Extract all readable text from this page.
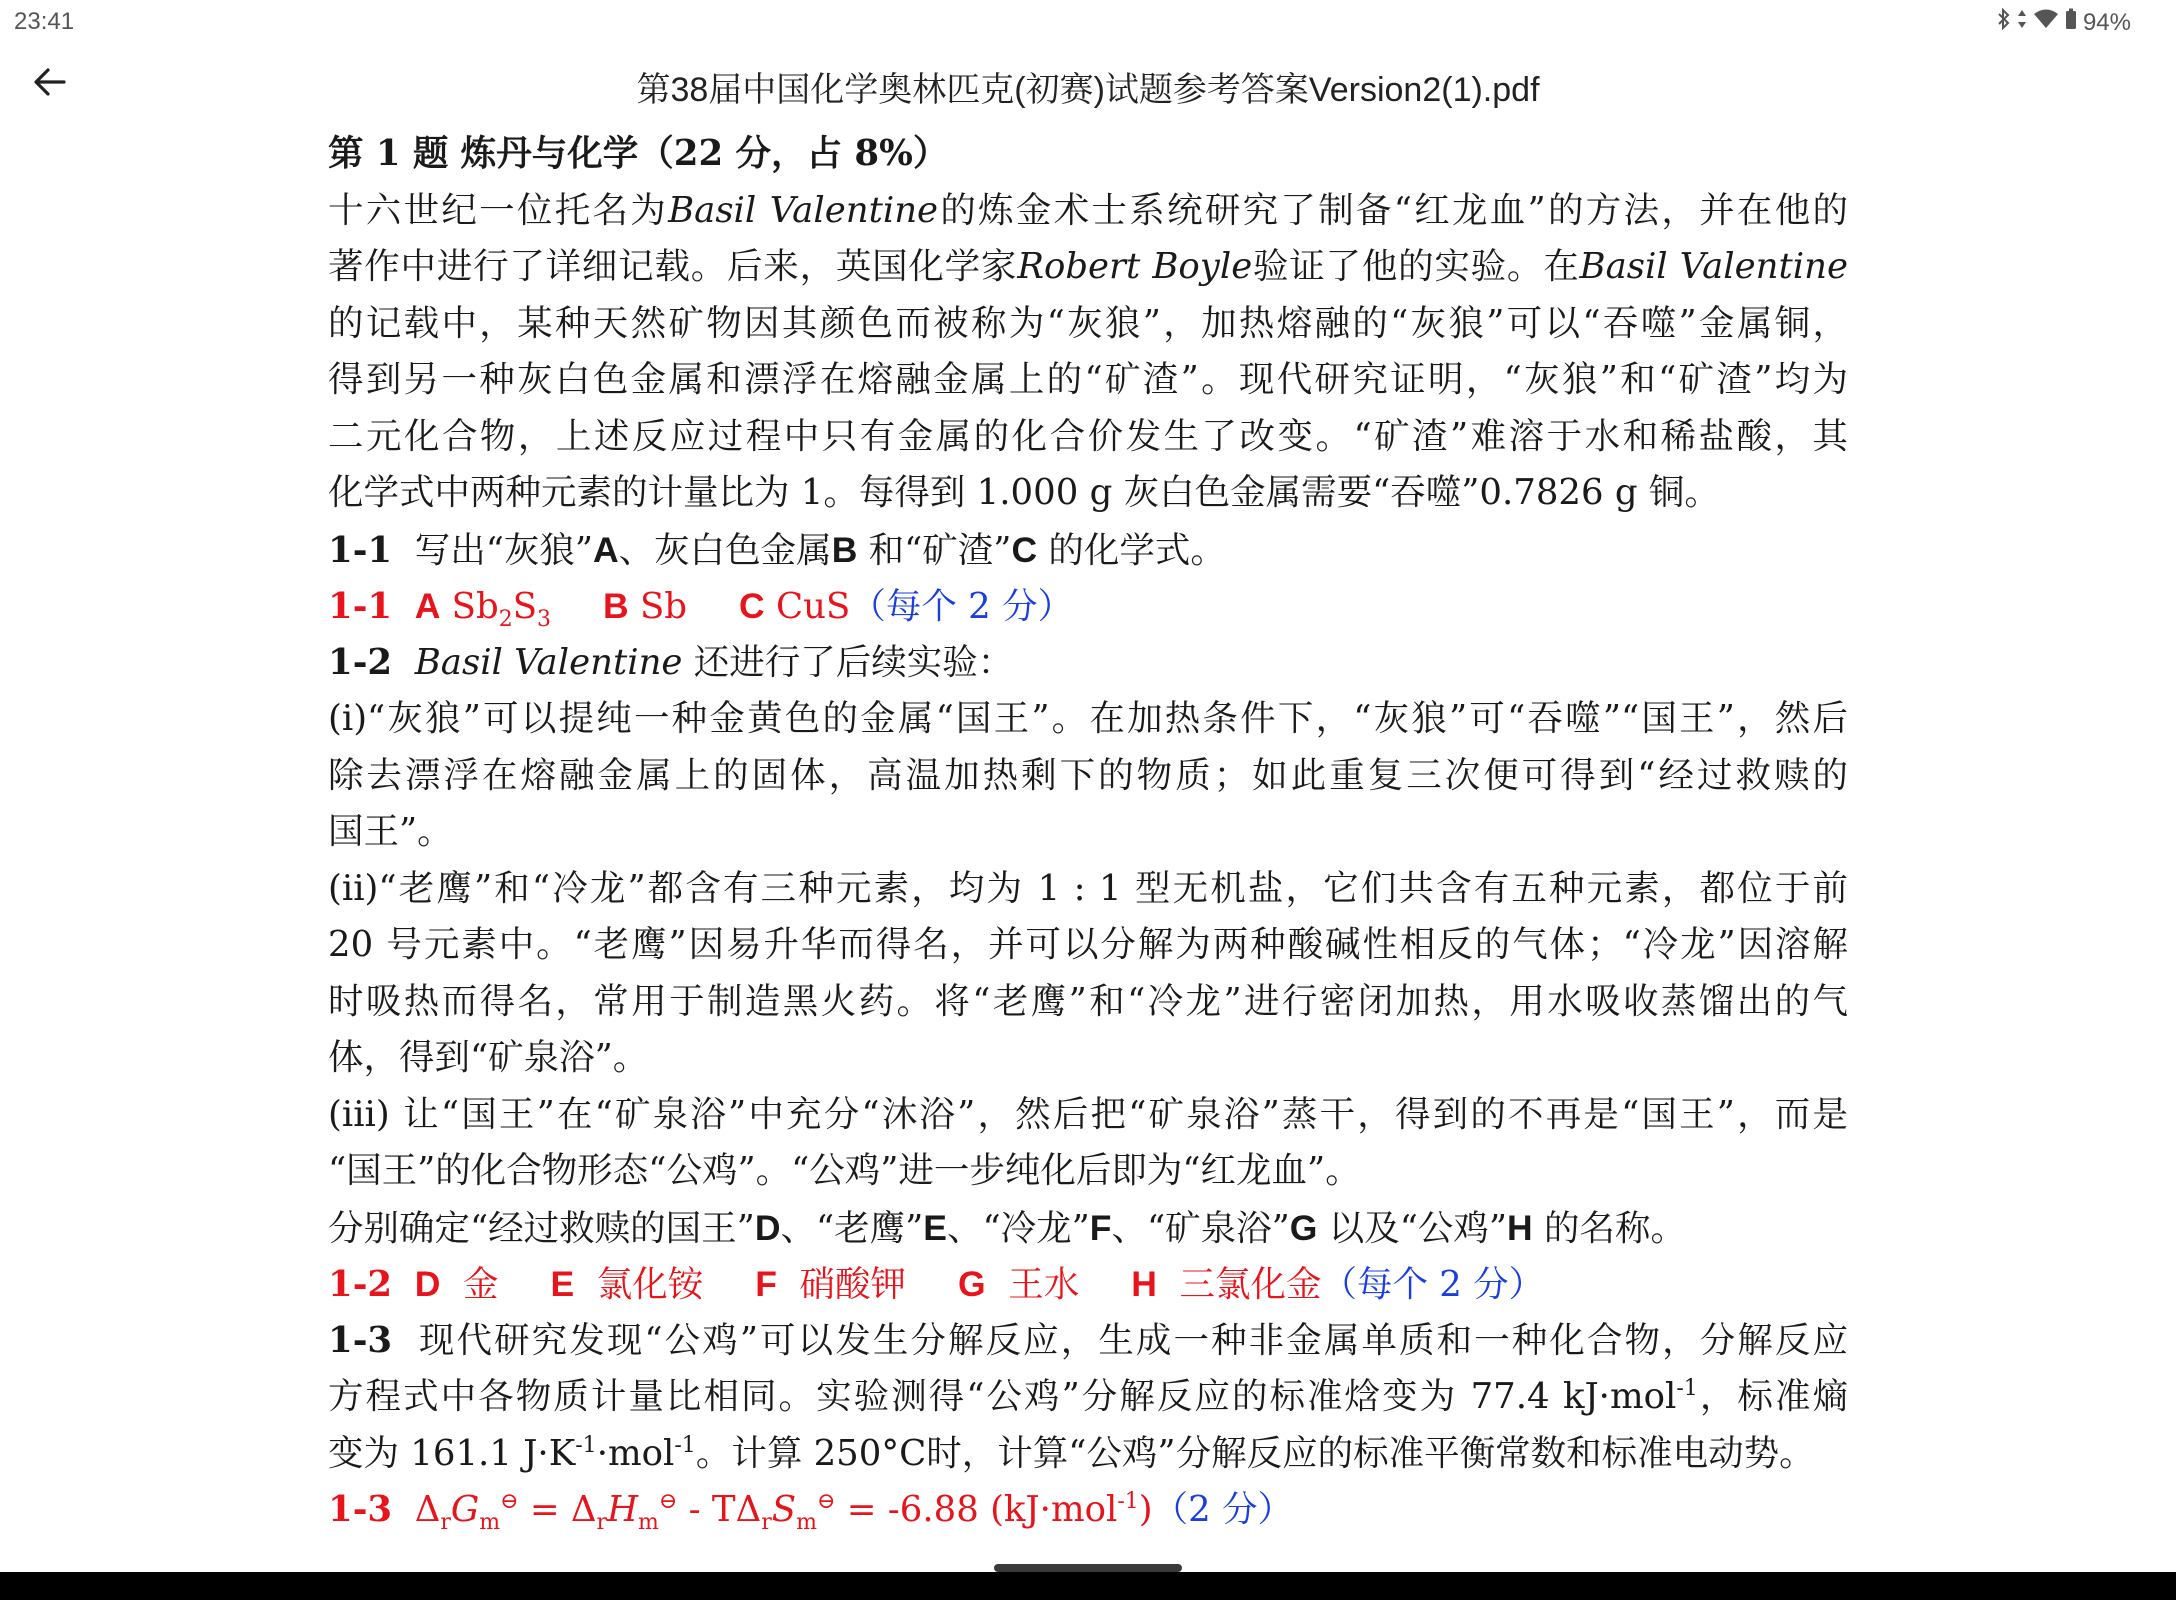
23:41	94%
第38届中国化学奥林匹克(初赛)试题参考答案Version2(1).pdf
第 1 题 炼丹与化学（22 分，占 8%）
十六世纪一位托名为Basil Valentine的炼金术士系统研究了制备“红龙血”的方法，并在他的
著作中进行了详细记载。后来，英国化学家Robert Boyle验证了他的实验。在Basil Valentine
的记载中，某种天然矿物因其颜色而被称为“灰狼”，加热熔融的“灰狼”可以“吞噬”金属铜，
得到另一种灰白色金属和漂浮在熔融金属上的“矿渣”。现代研究证明，“灰狼”和“矿渣”均为
二元化合物，上述反应过程中只有金属的化合价发生了改变。“矿渣”难溶于水和稀盐酸，其
化学式中两种元素的计量比为 1。每得到 1.000 g 灰白色金属需要“吞噬”0.7826 g 铜。
1-1 写出“灰狼”A、灰白色金属B 和“矿渣”C 的化学式。
1-1 A $Sb_2S_3$ B Sb C CuS（每个 2 分）
1-2 Basil Valentine 还进行了后续实验：
(i)“灰狼”可以提纯一种金黄色的金属“国王”。在加热条件下，“灰狼”可“吞噬”“国王”，然后
除去漂浮在熔融金属上的固体，高温加热剩下的物质；如此重复三次便可得到“经过救赎的
国王”。
(ii)“老鹰”和“冷龙”都含有三种元素，均为 1 : 1 型无机盐，它们共含有五种元素，都位于前
20 号元素中。“老鹰”因易升华而得名，并可以分解为两种酸碱性相反的气体；“冷龙”因溶解
时吸热而得名，常用于制造黑火药。将“老鹰”和“冷龙”进行密闭加热，用水吸收蒸馏出的气
体，得到“矿泉浴”。
(iii) 让“国王”在“矿泉浴”中充分“沐浴”，然后把“矿泉浴”蒸干，得到的不再是“国王”，而是
“国王”的化合物形态“公鸡”。“公鸡”进一步纯化后即为“红龙血”。
分别确定“经过救赎的国王”D、“老鹰”E、“冷龙”F、“矿泉浴”G 以及“公鸡”H 的名称。
1-2 D 金 E 氯化铵 F 硝酸钾 G 王水 H 三氯化金（每个 2 分）
1-3 现代研究发现“公鸡”可以发生分解反应，生成一种非金属单质和一种化合物，分解反应
方程式中各物质计量比相同。实验测得“公鸡”分解反应的标准焓变为 77.4 kJ·mol$^{-1}$，标准熵
变为 161.1 $J\cdot K^{-1}\cdot mol^{-1}$。计算 250°C时，计算“公鸡”分解反应的标准平衡常数和标准电动势。
1-3 $\Delta_rG_m^⊖ = \Delta_rH_m^⊖ - T\Delta_rS_m^⊖ = -6.88$ (kJ·mol$^{-1}$)（2 分）
